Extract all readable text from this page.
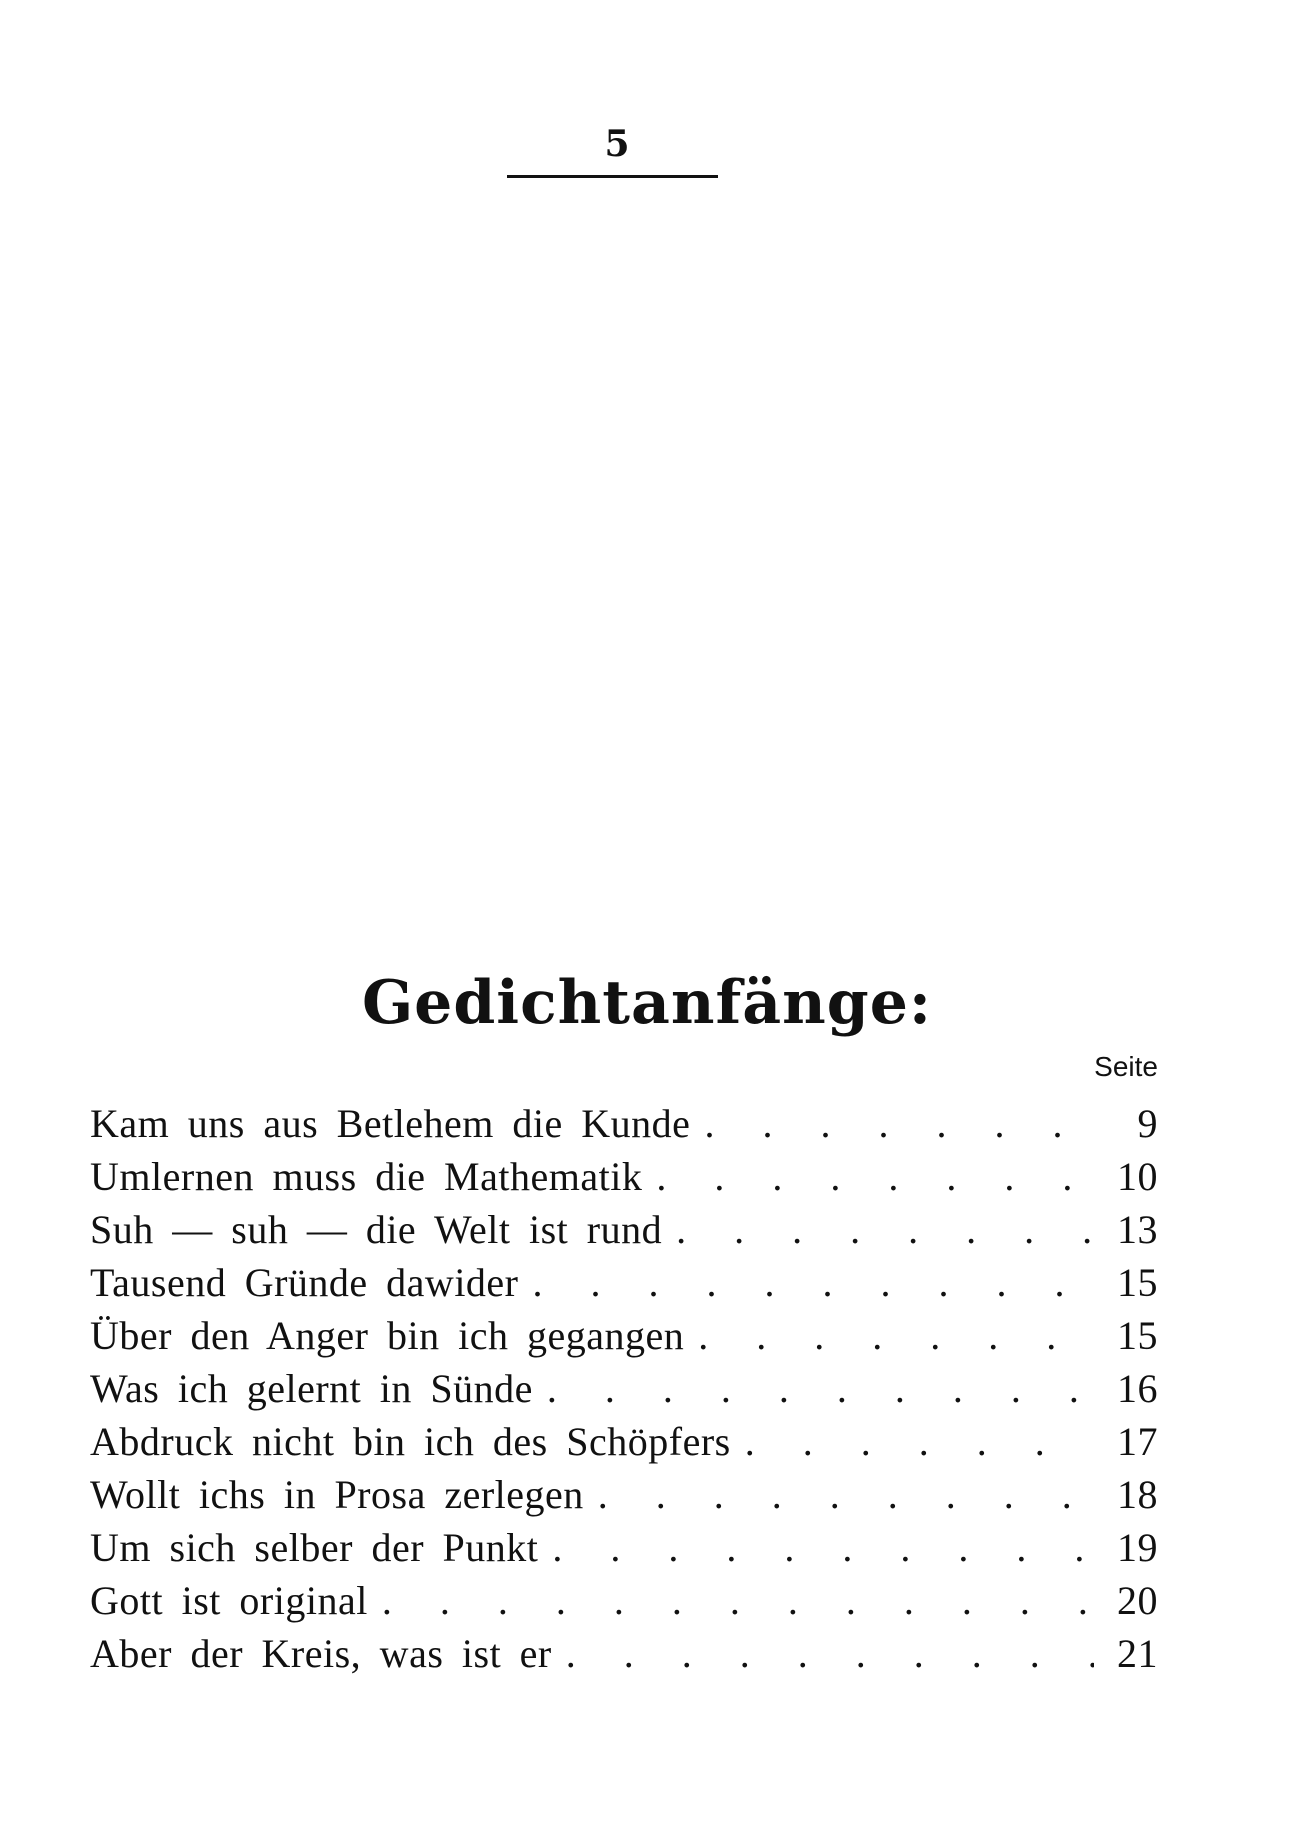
5
Gedichtanfänge:
Seite
Kam uns aus Betlehem die Kunde . . .	9
Umlernen muss die Mathematik . . .	10
Suh — suh — die Welt ist rund . . .	13
Tausend Gründe dawider . . .	15
Über den Anger bin ich gegangen . . .	15
Was ich gelernt in Sünde . . .	16
Abdruck nicht bin ich des Schöpfers . . .	17
Wollt ichs in Prosa zerlegen . . .	18
Um sich selber der Punkt . . .	19
Gott ist original . . .	20
Aber der Kreis, was ist er . . .	21
